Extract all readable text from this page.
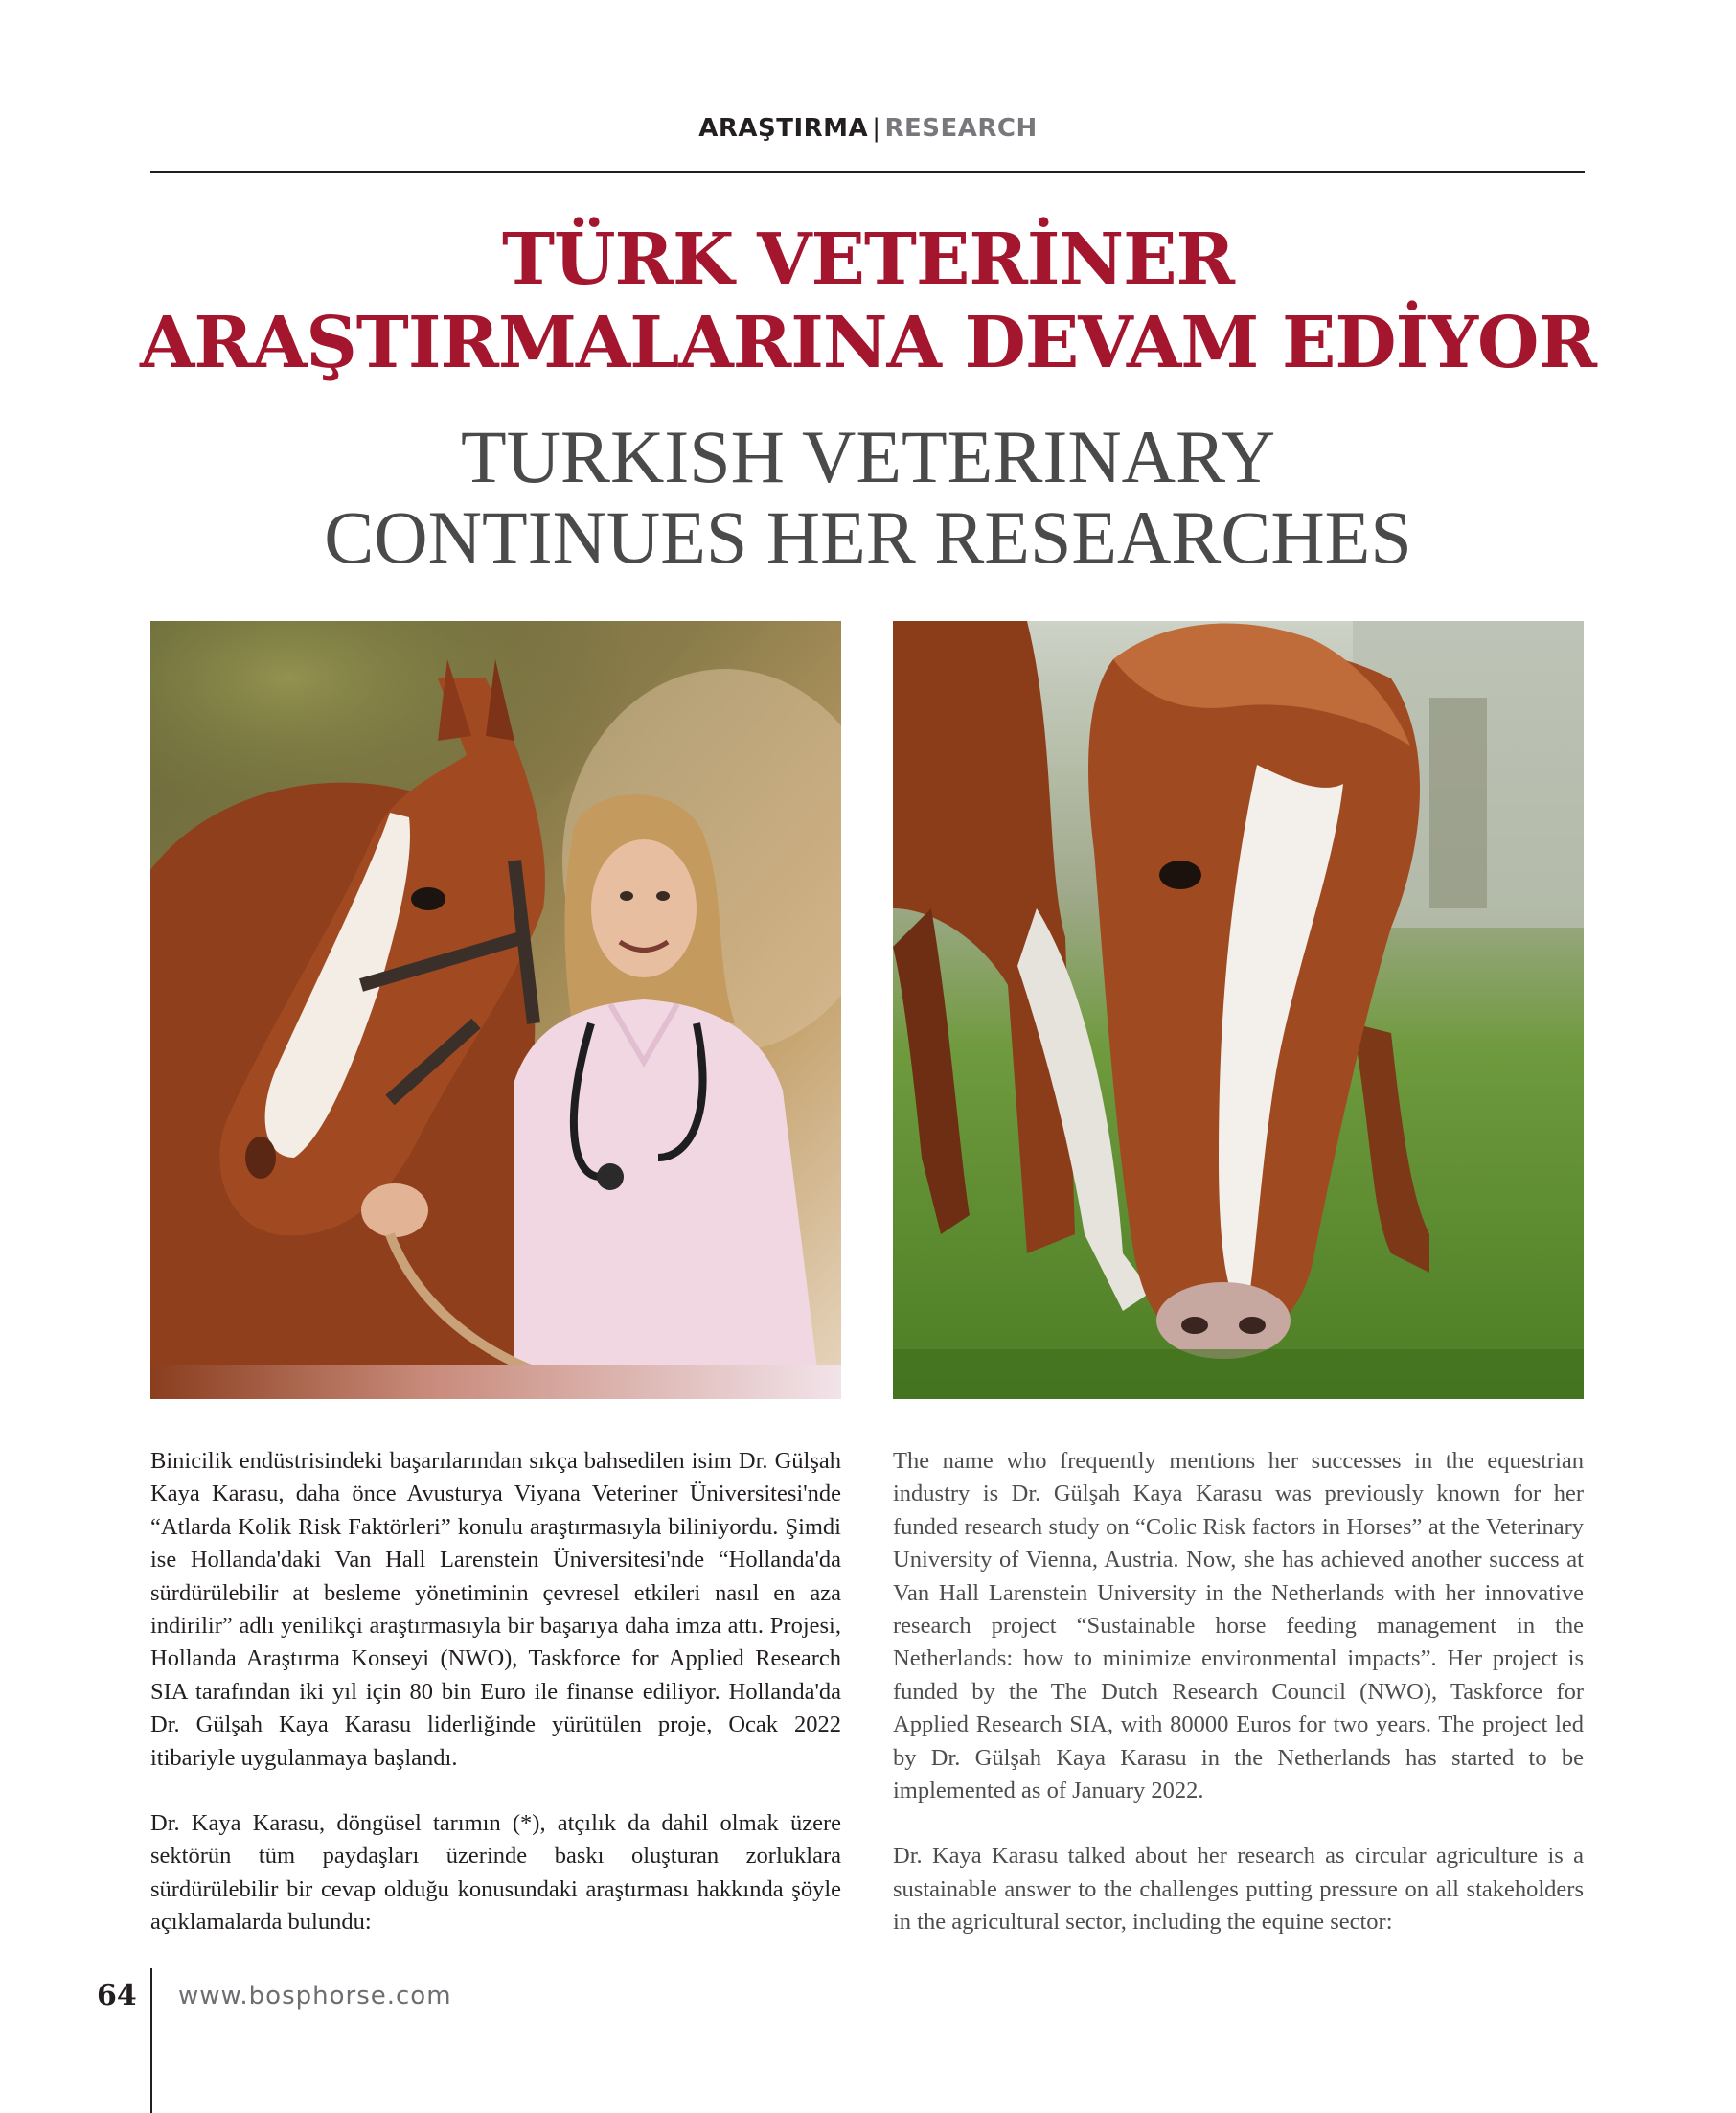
ARAŞTIRMA | RESEARCH
TÜRK VETERİNER
ARAŞTIRMALARINA DEVAM EDİYOR
TURKISH VETERINARY
CONTINUES HER RESEARCHES

Binicilik endüstrisindeki başarılarından sıkça bahsedilen isim Dr. Gülşah Kaya Karasu, daha önce Avusturya Viyana Veteriner Üniversitesi'nde “Atlarda Kolik Risk Faktörleri” konulu araştırmasıyla biliniyordu. Şimdi ise Hollanda'daki Van Hall Larenstein Üniversitesi'nde “Hollanda'da sürdürülebilir at besleme yönetiminin çevresel etkileri nasıl en aza indirilir” adlı yenilikçi araştırmasıyla bir başarıya daha imza attı. Projesi, Hollanda Araştırma Konseyi (NWO), Taskforce for Applied Research SIA tarafından iki yıl için 80 bin Euro ile finanse ediliyor. Hollanda'da Dr. Gülşah Kaya Karasu liderliğinde yürütülen proje, Ocak 2022 itibariyle uygulanmaya başlandı.

Dr. Kaya Karasu, döngüsel tarımın (*), atçılık da dahil olmak üzere sektörün tüm paydaşları üzerinde baskı oluşturan zorluklara sürdürülebilir bir cevap olduğu konusundaki araştırması hakkında şöyle açıklamalarda bulundu:

The name who frequently mentions her successes in the equestrian industry is Dr. Gülşah Kaya Karasu was previously known for her funded research study on “Colic Risk factors in Horses” at the Veterinary University of Vienna, Austria. Now, she has achieved another success at Van Hall Larenstein University in the Netherlands with her innovative research project “Sustainable horse feeding management in the Netherlands: how to minimize environmental impacts”. Her project is funded by the The Dutch Research Council (NWO), Taskforce for Applied Research SIA, with 80000 Euros for two years. The project led by Dr. Gülşah Kaya Karasu in the Netherlands has started to be implemented as of January 2022.

Dr. Kaya Karasu talked about her research as circular agriculture is a sustainable answer to the challenges putting pressure on all stakeholders in the agricultural sector, including the equine sector:

64 www.bosphorse.com
